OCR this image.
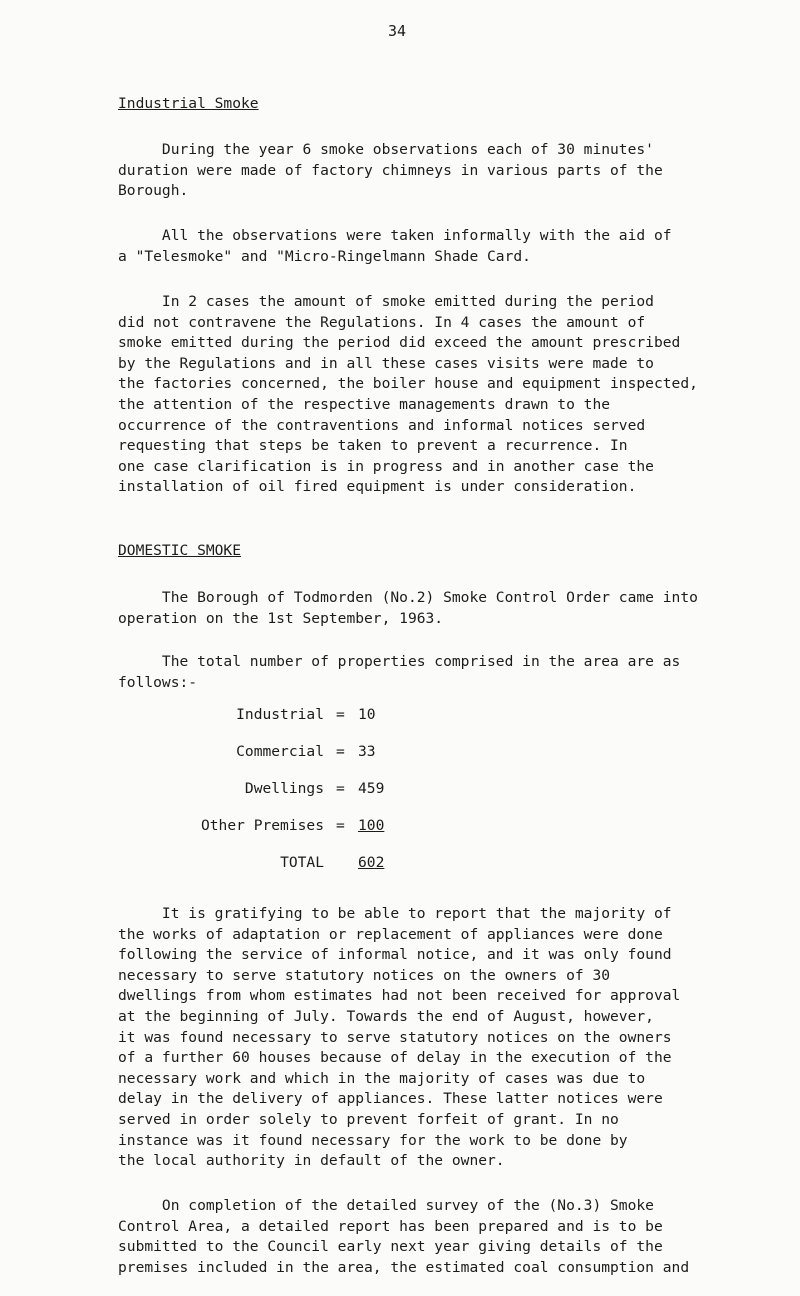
34
Industrial Smoke
During the year 6 smoke observations each of 30 minutes'
duration were made of factory chimneys in various parts of the
Borough.
All the observations were taken informally with the aid of
a "Telesmoke" and "Micro-Ringelmann Shade Card.
In 2 cases the amount of smoke emitted during the period
did not contravene the Regulations. In 4 cases the amount of
smoke emitted during the period did exceed the amount prescribed
by the Regulations and in all these cases visits were made to
the factories concerned, the boiler house and equipment inspected,
the attention of the respective managements drawn to the
occurrence of the contraventions and informal notices served
requesting that steps be taken to prevent a recurrence. In
one case clarification is in progress and in another case the
installation of oil fired equipment is under consideration.
DOMESTIC SMOKE
The Borough of Todmorden (No.2) Smoke Control Order came into
operation on the 1st September, 1963.
The total number of properties comprised in the area are as
follows:-
Industrial = 10
Commercial = 33
Dwellings = 459
Other Premises = 100
TOTAL 602
It is gratifying to be able to report that the majority of
the works of adaptation or replacement of appliances were done
following the service of informal notice, and it was only found
necessary to serve statutory notices on the owners of 30
dwellings from whom estimates had not been received for approval
at the beginning of July. Towards the end of August, however,
it was found necessary to serve statutory notices on the owners
of a further 60 houses because of delay in the execution of the
necessary work and which in the majority of cases was due to
delay in the delivery of appliances. These latter notices were
served in order solely to prevent forfeit of grant. In no
instance was it found necessary for the work to be done by
the local authority in default of the owner.
On completion of the detailed survey of the (No.3) Smoke
Control Area, a detailed report has been prepared and is to be
submitted to the Council early next year giving details of the
premises included in the area, the estimated coal consumption and
